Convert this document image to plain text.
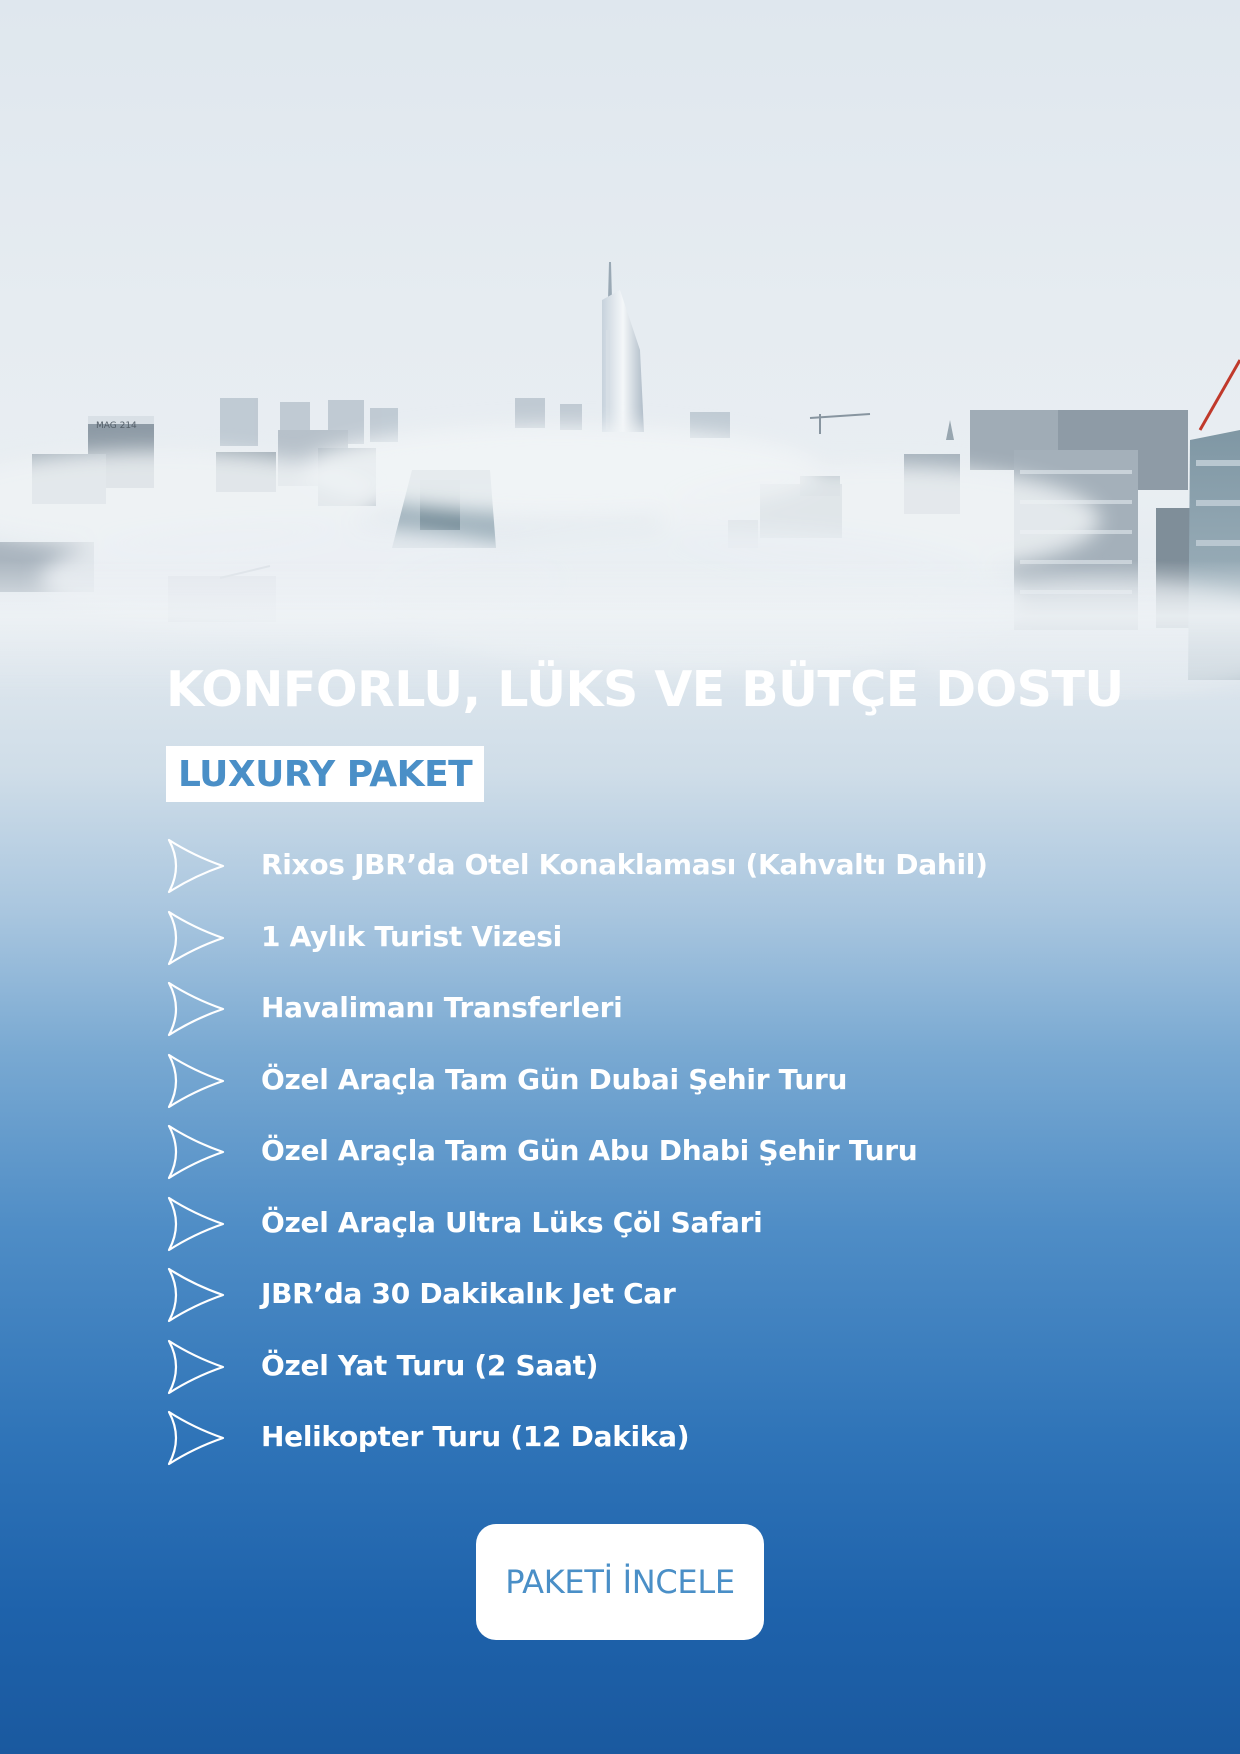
MAG 214
KONFORLU, LÜKS VE BÜTÇE DOSTU
LUXURY PAKET
Rixos JBR’da Otel Konaklaması (Kahvaltı Dahil)
1 Aylık Turist Vizesi
Havalimanı Transferleri
Özel Araçla Tam Gün Dubai Şehir Turu
Özel Araçla Tam Gün Abu Dhabi Şehir Turu
Özel Araçla Ultra Lüks Çöl Safari
JBR’da 30 Dakikalık Jet Car
Özel Yat Turu (2 Saat)
Helikopter Turu (12 Dakika)
PAKETİ İNCELE
